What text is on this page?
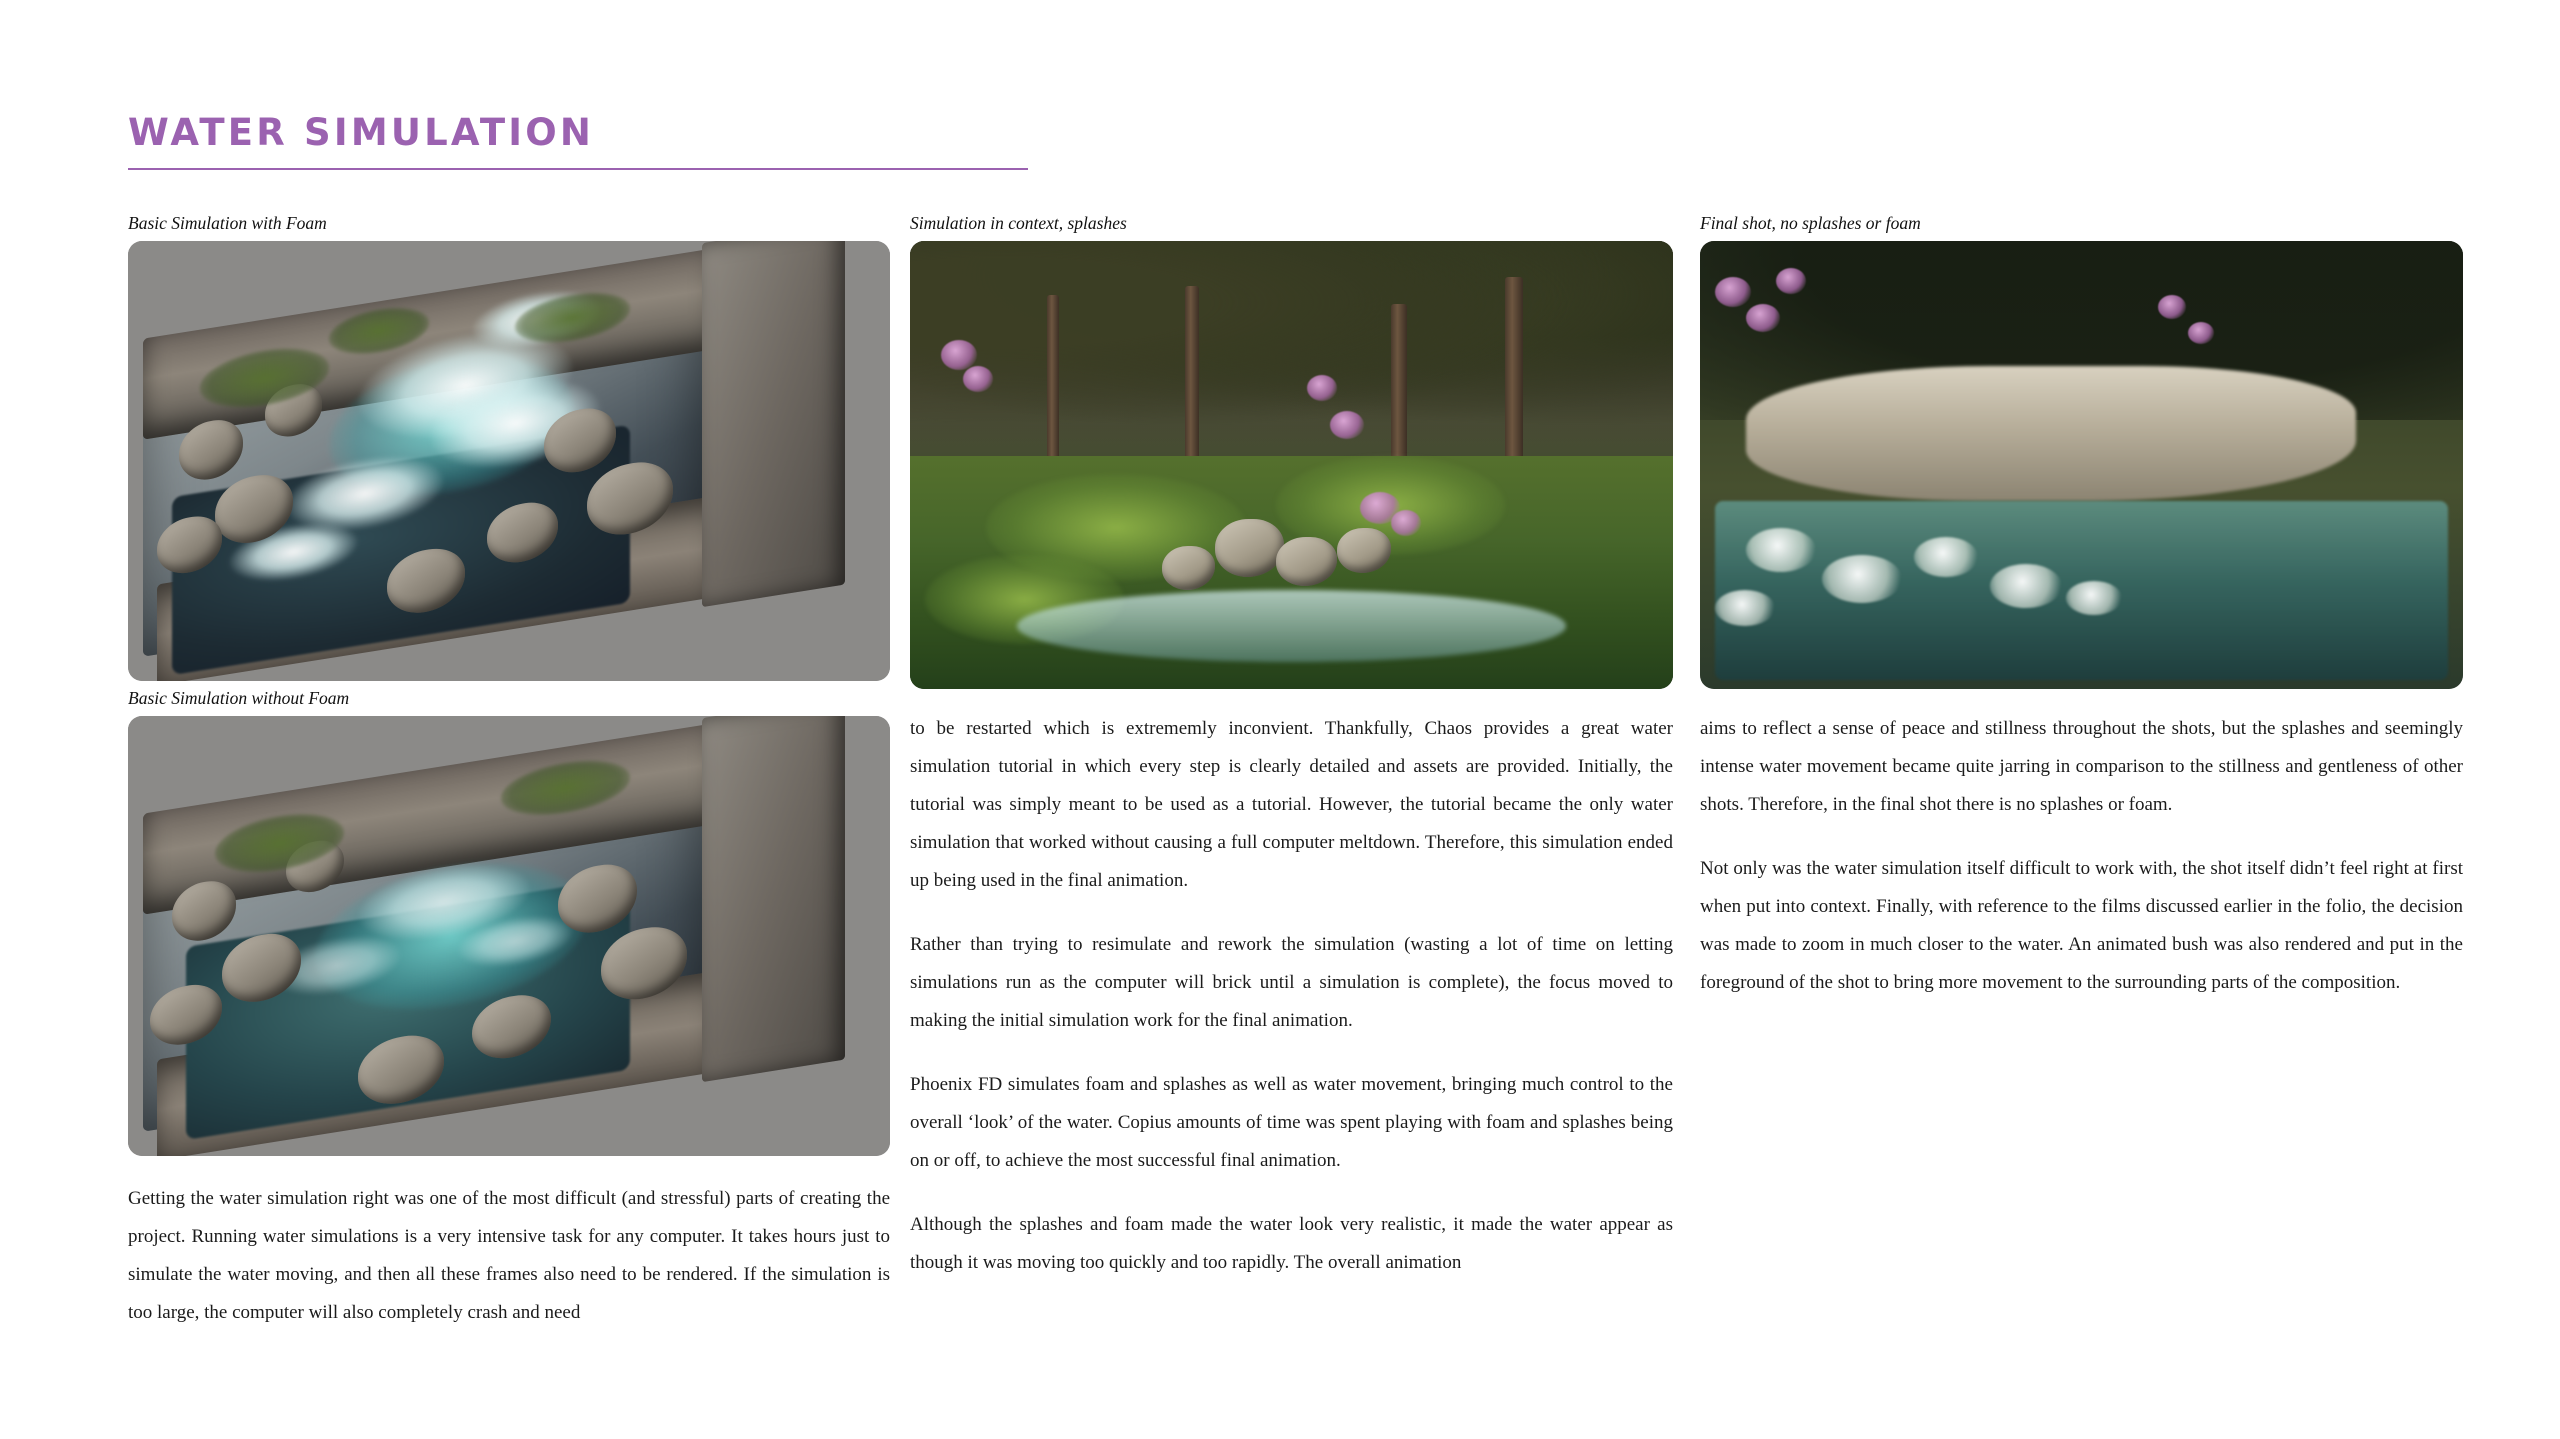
WATER SIMULATION
Basic Simulation with Foam
Basic Simulation without Foam
Simulation in context, splashes	Final shot, no splashes or foam

Getting the water simulation right was one of the most difficult (and stressful) parts of creating the project. Running water simulations is a very intensive task for any computer. It takes hours just to simulate the water moving, and then all these frames also need to be rendered. If the simulation is too large, the computer will also completely crash and need

to be restarted which is extrememly inconvient. Thankfully, Chaos provides a great water simulation tutorial in which every step is clearly detailed and assets are provided. Initially, the tutorial was simply meant to be used as a tutorial. However, the tutorial became the only water simulation that worked without causing a full computer meltdown. Therefore, this simulation ended up being used in the final animation.

Rather than trying to resimulate and rework the simulation (wasting a lot of time on letting simulations run as the computer will brick until a simulation is complete), the focus moved to making the initial simulation work for the final animation.

Phoenix FD simulates foam and splashes as well as water movement, bringing much control to the overall ‘look’ of the water. Copius amounts of time was spent playing with foam and splashes being on or off, to achieve the most successful final animation.

Although the splashes and foam made the water look very realistic, it made the water appear as though it was moving too quickly and too rapidly. The overall animation

aims to reflect a sense of peace and stillness throughout the shots, but the splashes and seemingly intense water movement became quite jarring in comparison to the stillness and gentleness of other shots. Therefore, in the final shot there is no splashes or foam.

Not only was the water simulation itself difficult to work with, the shot itself didn’t feel right at first when put into context. Finally, with reference to the films discussed earlier in the folio, the decision was made to zoom in much closer to the water. An animated bush was also rendered and put in the foreground of the shot to bring more movement to the surrounding parts of the composition.
